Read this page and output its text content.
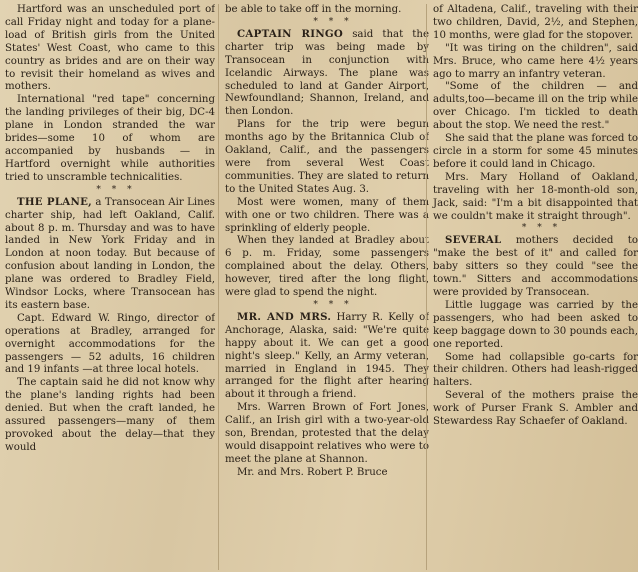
Hartford was an unscheduled port of call Friday night and today for a plane-load of British girls from the United States' West Coast, who came to this country as brides and are on their way to revisit their homeland as wives and mothers.

International "red tape" concerning the landing privileges of their big, DC-4 plane in London stranded the war brides—some 10 of whom are accompanied by husbands — in Hartford overnight while authorities tried to unscramble technicalities.

* * *

THE PLANE, a Transocean Air Lines charter ship, had left Oakland, Calif. about 8 p. m. Thursday and was to have landed in New York Friday and in London at noon today. But because of confusion about landing in London, the plane was ordered to Bradley Field, Windsor Locks, where Transocean has its eastern base.

Capt. Edward W. Ringo, director of operations at Bradley, arranged for overnight accommodations for the passengers — 52 adults, 16 children and 19 infants —at three local hotels.

The captain said he did not know why the plane's landing rights had been denied. But when the craft landed, he assured passengers—many of them provoked about the delay—that they would

be able to take off in the morning.

* * *

CAPTAIN RINGO said that the charter trip was being made by Transocean in conjunction with Icelandic Airways. The plane was scheduled to land at Gander Airport, Newfoundland; Shannon, Ireland, and then London.

Plans for the trip were begun months ago by the Britannica Club of Oakland, Calif., and the passengers were from several West Coast communities. They are slated to return to the United States Aug. 3.

Most were women, many of them with one or two children. There was a sprinkling of elderly people.

When they landed at Bradley about 6 p. m. Friday, some passengers complained about the delay. Others, however, tired after the long flight, were glad to spend the night.

* * *

MR. AND MRS. Harry R. Kelly of Anchorage, Alaska, said: "We're quite happy about it. We can get a good night's sleep." Kelly, an Army veteran, married in England in 1945. They arranged for the flight after hearing about it through a friend.

Mrs. Warren Brown of Fort Jones, Calif., an Irish girl with a two-year-old son, Brendan, protested that the delay would disappoint relatives who were to meet the plane at Shannon.

Mr. and Mrs. Robert P. Bruce

of Altadena, Calif., traveling with their two children, David, 2½, and Stephen, 10 months, were glad for the stopover.

"It was tiring on the children", said Mrs. Bruce, who came here 4½ years ago to marry an infantry veteran.

"Some of the children — and adults,too—became ill on the trip while over Chicago. I'm tickled to death about the stop. We need the rest."

She said that the plane was forced to circle in a storm for some 45 minutes before it could land in Chicago.

Mrs. Mary Holland of Oakland, traveling with her 18-month-old son, Jack, said: "I'm a bit disappointed that we couldn't make it straight through".

* * *

SEVERAL mothers decided to "make the best of it" and called for baby sitters so they could "see the town." Sitters and accommodations were provided by Transocean.

Little luggage was carried by the passengers, who had been asked to keep baggage down to 30 pounds each, one reported.

Some had collapsible go-carts for their children. Others had leash-rigged halters.

Several of the mothers praise the work of Purser Frank S. Ambler and Stewardess Ray Schaefer of Oakland.
